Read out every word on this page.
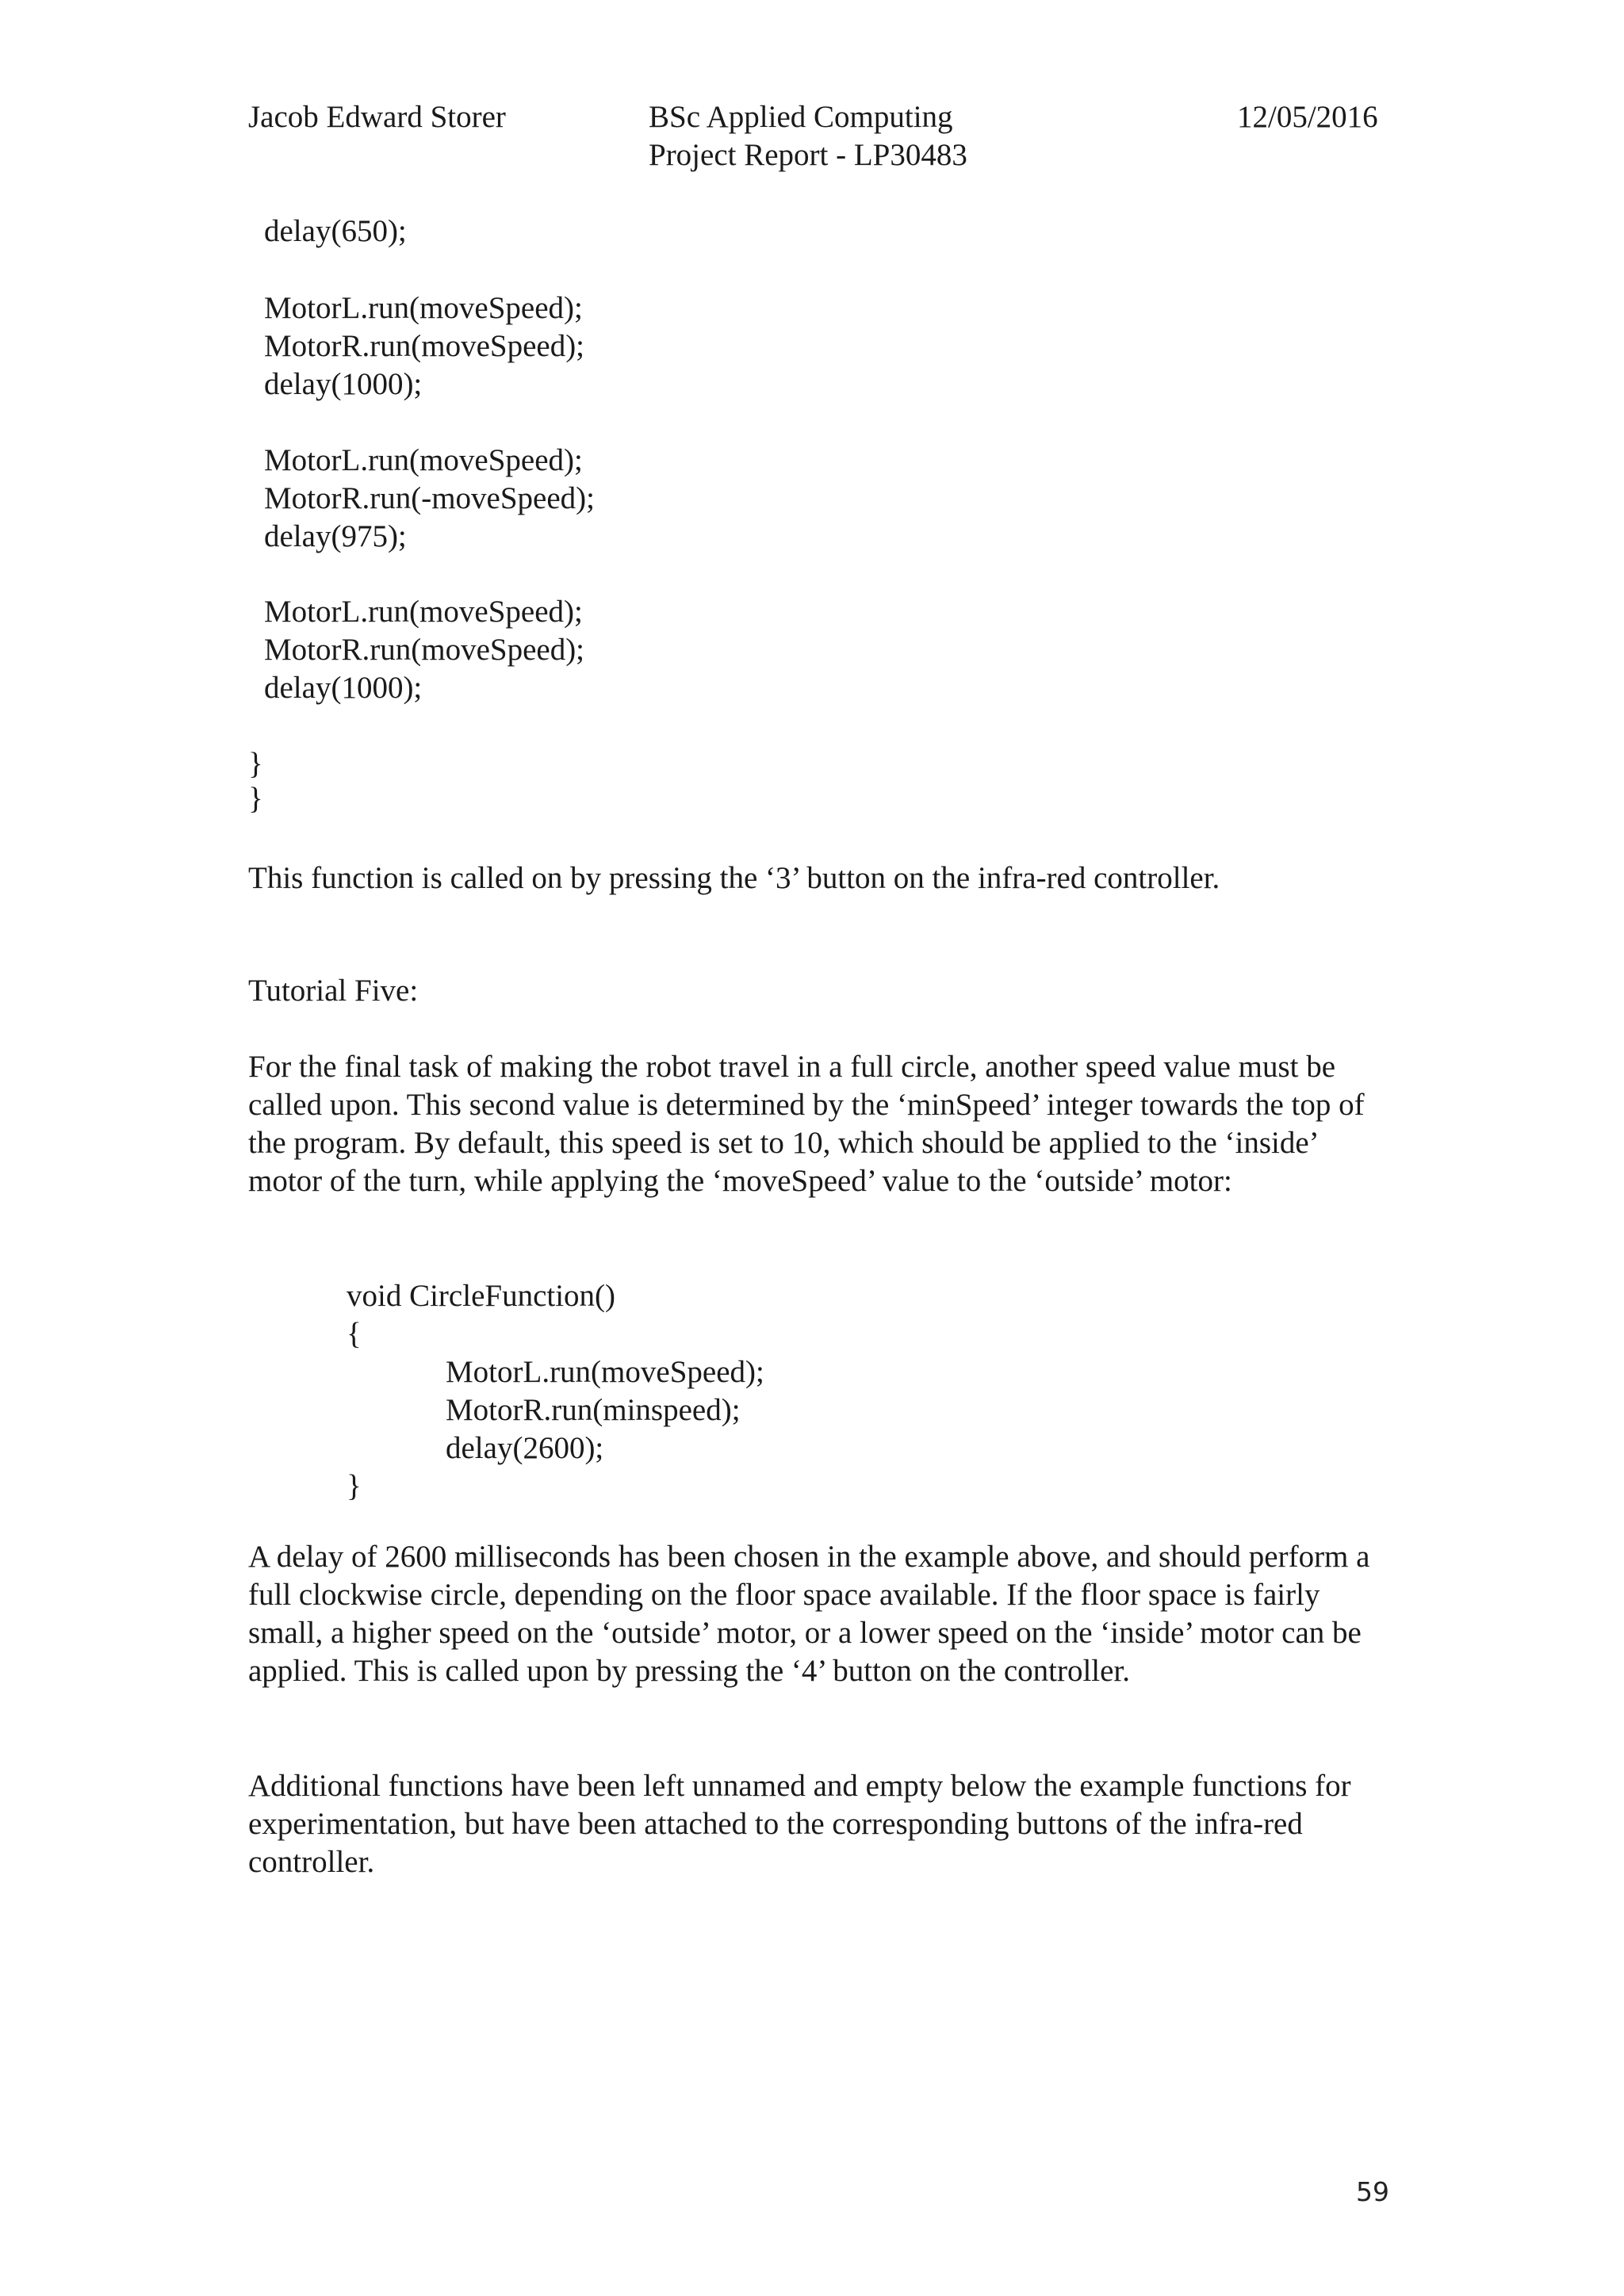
Jacob Edward Storer	BSc Applied Computing
Project Report - LP30483
12/05/2016
delay(650);
MotorL.run(moveSpeed);
MotorR.run(moveSpeed);
delay(1000);
MotorL.run(moveSpeed);
MotorR.run(-moveSpeed);
delay(975);
MotorL.run(moveSpeed);
MotorR.run(moveSpeed);
delay(1000);
}
}
This function is called on by pressing the ‘3’ button on the infra-red controller.
Tutorial Five:
For the final task of making the robot travel in a full circle, another speed value must be called upon. This second value is determined by the ‘minSpeed’ integer towards the top of the program. By default, this speed is set to 10, which should be applied to the ‘inside’ motor of the turn, while applying the ‘moveSpeed’ value to the ‘outside’ motor:
void CircleFunction()
{
MotorL.run(moveSpeed);
MotorR.run(minspeed);
delay(2600);
}
A delay of 2600 milliseconds has been chosen in the example above, and should perform a full clockwise circle, depending on the floor space available. If the floor space is fairly small, a higher speed on the ‘outside’ motor, or a lower speed on the ‘inside’ motor can be applied. This is called upon by pressing the ‘4’ button on the controller.
Additional functions have been left unnamed and empty below the example functions for experimentation, but have been attached to the corresponding buttons of the infra-red controller.
59
